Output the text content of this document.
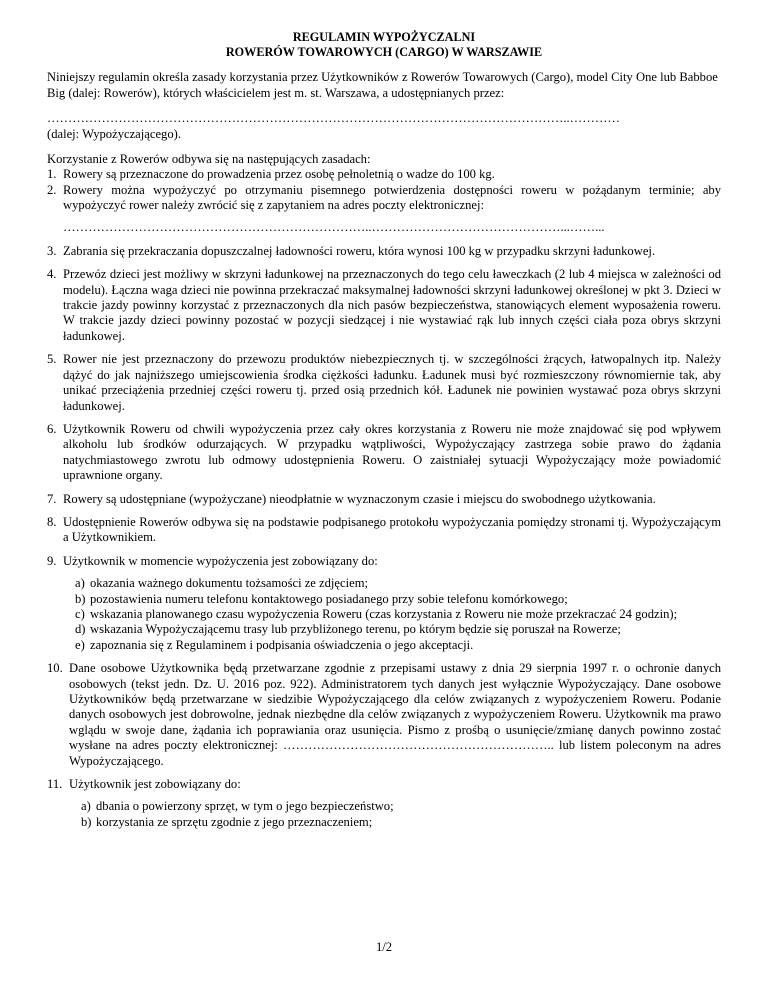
REGULAMIN WYPOŻYCZALNI
ROWERÓW TOWAROWYCH (CARGO) W WARSZAWIE

Niniejszy regulamin określa zasady korzystania przez Użytkowników z Rowerów Towarowych (Cargo), model City One lub Babboe Big (dalej: Rowerów), których właścicielem jest m. st. Warszawa, a udostępnianych przez:

……………………………………………………………………………………………………………..…………

(dalej: Wypożyczającego).

Korzystanie z Rowerów odbywa się na następujących zasadach:

1. Rowery są przeznaczone do prowadzenia przez osobę pełnoletnią o wadze do 100 kg.
2. Rowery można wypożyczyć po otrzymaniu pisemnego potwierdzenia dostępności roweru w pożądanym terminie; aby wypożyczyć rower należy zwrócić się z zapytaniem na adres poczty elektronicznej:
………………………………………………………………..………………………………………...……...
3. Zabrania się przekraczania dopuszczalnej ładowności roweru, która wynosi 100 kg w przypadku skrzyni ładunkowej.
4. Przewóz dzieci jest możliwy w skrzyni ładunkowej na przeznaczonych do tego celu ławeczkach (2 lub 4 miejsca w zależności od modelu). Łączna waga dzieci nie powinna przekraczać maksymalnej ładowności skrzyni ładunkowej określonej w pkt 3. Dzieci w trakcie jazdy powinny korzystać z przeznaczonych dla nich pasów bezpieczeństwa, stanowiących element wyposażenia roweru. W trakcie jazdy dzieci powinny pozostać w pozycji siedzącej i nie wystawiać rąk lub innych części ciała poza obrys skrzyni ładunkowej.
5. Rower nie jest przeznaczony do przewozu produktów niebezpiecznych tj. w szczególności żrących, łatwopalnych itp. Należy dążyć do jak najniższego umiejscowienia środka ciężkości ładunku. Ładunek musi być rozmieszczony równomiernie tak, aby unikać przeciążenia przedniej części roweru tj. przed osią przednich kół. Ładunek nie powinien wystawać poza obrys skrzyni ładunkowej.
6. Użytkownik Roweru od chwili wypożyczenia przez cały okres korzystania z Roweru nie może znajdować się pod wpływem alkoholu lub środków odurzających. W przypadku wątpliwości, Wypożyczający zastrzega sobie prawo do żądania natychmiastowego zwrotu lub odmowy udostępnienia Roweru. O zaistniałej sytuacji Wypożyczający może powiadomić uprawnione organy.
7. Rowery są udostępniane (wypożyczane) nieodpłatnie w wyznaczonym czasie i miejscu do swobodnego użytkowania.
8. Udostępnienie Rowerów odbywa się na podstawie podpisanego protokołu wypożyczania pomiędzy stronami tj. Wypożyczającym a Użytkownikiem.
9. Użytkownik w momencie wypożyczenia jest zobowiązany do:
a) okazania ważnego dokumentu tożsamości ze zdjęciem;
b) pozostawienia numeru telefonu kontaktowego posiadanego przy sobie telefonu komórkowego;
c) wskazania planowanego czasu wypożyczenia Roweru (czas korzystania z Roweru nie może przekraczać 24 godzin);
d) wskazania Wypożyczającemu trasy lub przybliżonego terenu, po którym będzie się poruszał na Rowerze;
e) zapoznania się z Regulaminem i podpisania oświadczenia o jego akceptacji.
10. Dane osobowe Użytkownika będą przetwarzane zgodnie z przepisami ustawy z dnia 29 sierpnia 1997 r. o ochronie danych osobowych (tekst jedn. Dz. U. 2016 poz. 922). Administratorem tych danych jest wyłącznie Wypożyczający. Dane osobowe Użytkowników będą przetwarzane w siedzibie Wypożyczającego dla celów związanych z wypożyczeniem Roweru. Podanie danych osobowych jest dobrowolne, jednak niezbędne dla celów związanych z wypożyczeniem Roweru. Użytkownik ma prawo wglądu w swoje dane, żądania ich poprawiania oraz usunięcia. Pismo z prośbą o usunięcie/zmianę danych powinno zostać wysłane na adres poczty elektronicznej: ……………………………………………………….. lub listem poleconym na adres Wypożyczającego.
11. Użytkownik jest zobowiązany do:
a) dbania o powierzony sprzęt, w tym o jego bezpieczeństwo;
b) korzystania ze sprzętu zgodnie z jego przeznaczeniem;
1/2
